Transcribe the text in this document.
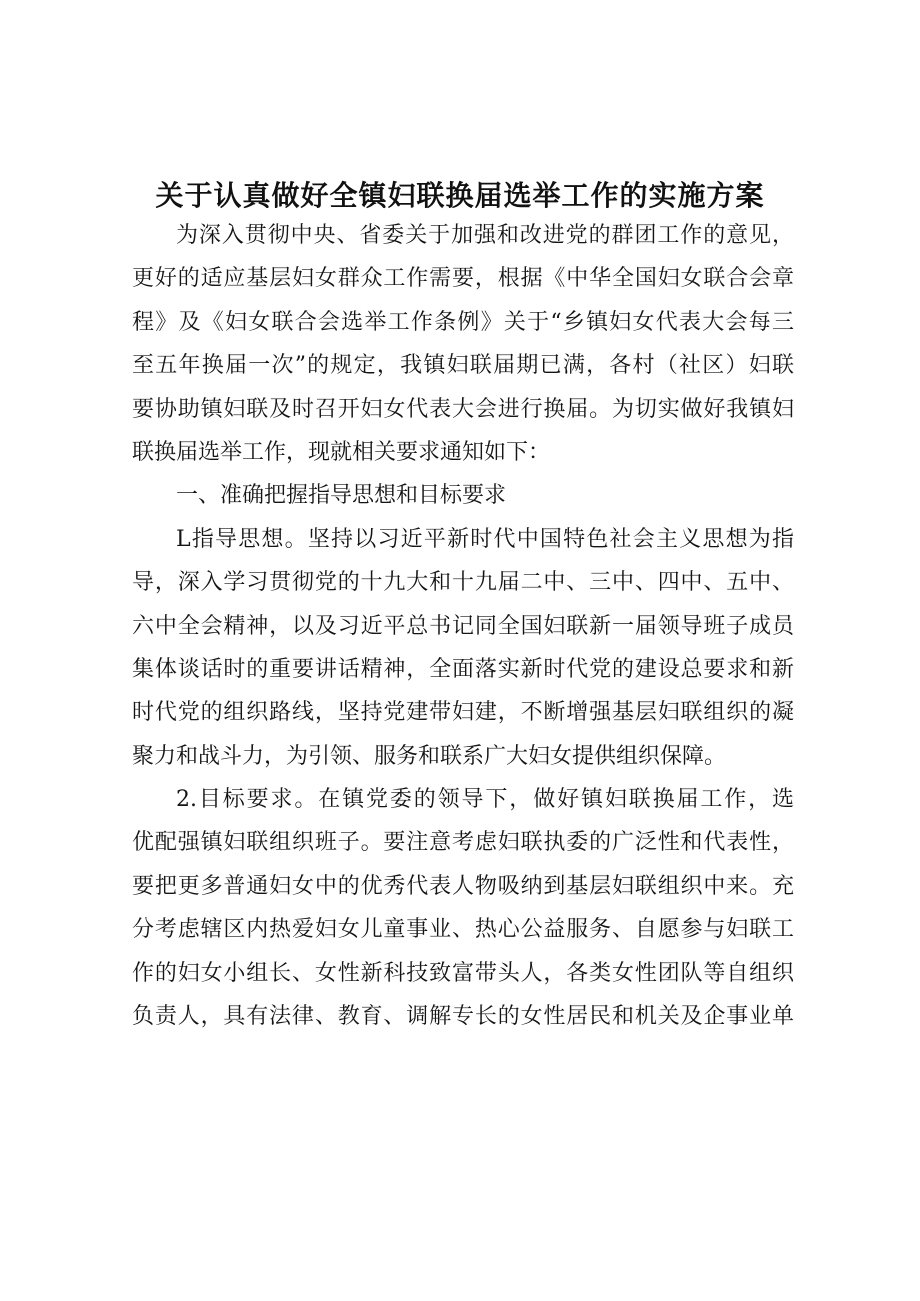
关于认真做好全镇妇联换届选举工作的实施方案
为深入贯彻中央、省委关于加强和改进党的群团工作的意见，
更好的适应基层妇女群众工作需要，根据《中华全国妇女联合会章
程》及《妇女联合会选举工作条例》关于“乡镇妇女代表大会每三
至五年换届一次”的规定，我镇妇联届期已满，各村（社区）妇联
要协助镇妇联及时召开妇女代表大会进行换届。为切实做好我镇妇
联换届选举工作，现就相关要求通知如下：
一、准确把握指导思想和目标要求
L指导思想。坚持以习近平新时代中国特色社会主义思想为指
导，深入学习贯彻党的十九大和十九届二中、三中、四中、五中、
六中全会精神，以及习近平总书记同全国妇联新一届领导班子成员
集体谈话时的重要讲话精神，全面落实新时代党的建设总要求和新
时代党的组织路线，坚持党建带妇建，不断增强基层妇联组织的凝
聚力和战斗力，为引领、服务和联系广大妇女提供组织保障。
2.目标要求。在镇党委的领导下，做好镇妇联换届工作，选
优配强镇妇联组织班子。要注意考虑妇联执委的广泛性和代表性，
要把更多普通妇女中的优秀代表人物吸纳到基层妇联组织中来。充
分考虑辖区内热爱妇女儿童事业、热心公益服务、自愿参与妇联工
作的妇女小组长、女性新科技致富带头人，各类女性团队等自组织
负责人，具有法律、教育、调解专长的女性居民和机关及企事业单
